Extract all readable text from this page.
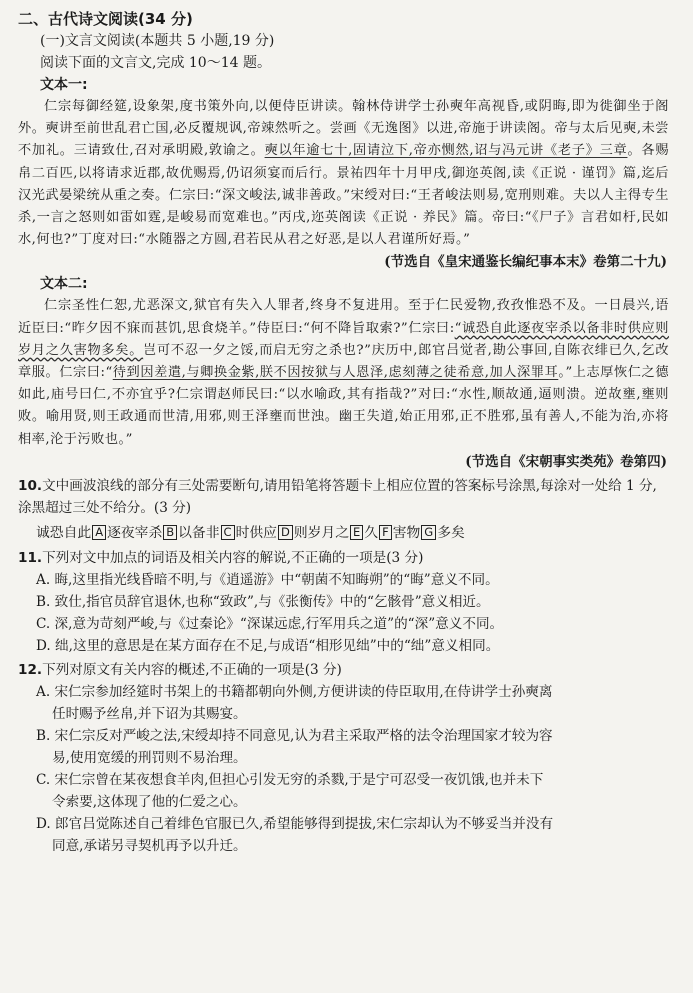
二、古代诗文阅读(34 分)
(一)文言文阅读(本题共 5 小题,19 分)
阅读下面的文言文,完成 10～14 题。
文本一:

仁宗每御经筵,设象架,度书策外向,以便侍臣讲读。翰林侍讲学士孙奭年高视昏,或阴晦,即为徙御坐于阁外。奭讲至前世乱君亡国,必反覆规讽,帝竦然听之。尝画《无逸图》以进,帝施于讲读阁。帝与太后见奭,未尝不加礼。三请致仕,召对承明殿,敦谕之。奭以年逾七十,固请泣下,帝亦恻然,诏与冯元讲《老子》三章。各赐帛二百匹,以将请求近郡,故优赐焉,仍诏须宴而后行。景祐四年十月甲戌,御迩英阁,读《正说 · 谨罚》篇,迄后汉光武晏梁统从重之奏。仁宗曰:“深文峻法,诚非善政。”宋绶对曰:“王者峻法则易,宽刑则难。夫以人主得专生杀,一言之怒则如雷如霆,是峻易而宽难也。”丙戌,迩英阁读《正说 · 养民》篇。帝曰:“《尸子》言君如杅,民如水,何也?”丁度对曰:“水随器之方圆,君若民从君之好恶,是以人君谨所好焉。”

(节选自《皇宋通鉴长编纪事本末》卷第二十九)
文本二:

仁宗圣性仁恕,尤恶深文,狱官有失入人罪者,终身不复进用。至于仁民爱物,孜孜惟恐不及。一日晨兴,语近臣曰:“昨夕因不寐而甚饥,思食烧羊。”侍臣曰:“何不降旨取索?”仁宗曰:“诚恐自此逐夜宰杀以备非时供应则岁月之久害物多矣。岂可不忍一夕之馁,而启无穷之杀也?”庆历中,郎官吕觉者,勘公事回,自陈衣绯已久,乞改章服。仁宗曰:“待到因差遣,与卿换金紫,朕不因按狱与人恩泽,虑刻薄之徒希意,加人深罪耳。”上志厚恢仁之德如此,庙号曰仁,不亦宜乎?仁宗谓赵师民曰:“以水喻政,其有指哉?”对曰:“水性,顺故通,逼则溃。逆故壅,壅则败。喻用贤,则王政通而世清,用邪,则王泽壅而世浊。幽王失道,始正用邪,正不胜邪,虽有善人,不能为治,亦将相率,沦于污败也。”

(节选自《宋朝事实类苑》卷第四)
10.文中画波浪线的部分有三处需要断句,请用铅笔将答题卡上相应位置的答案标号涂黑,每涂对一处给 1 分,涂黑超过三处不给分。(3 分)
诚恐自此 A 逐夜宰杀 B 以备非 C 时供应 D 则岁月之 E 久 F 害物 G 多矣
11.下列对文中加点的词语及相关内容的解说,不正确的一项是(3 分)
A. 晦,这里指光线昏暗不明,与《逍遥游》中“朝菌不知晦朔”的“晦”意义不同。
B. 致仕,指官员辞官退休,也称“致政”,与《张衡传》中的“乞骸骨”意义相近。
C. 深,意为苛刻严峻,与《过秦论》“深谋远虑,行军用兵之道”的“深”意义不同。
D. 绌,这里的意思是在某方面存在不足,与成语“相形见绌”中的“绌”意义相同。
12.下列对原文有关内容的概述,不正确的一项是(3 分)
A. 宋仁宗参加经筵时书架上的书籍都朝向外侧,方便讲读的侍臣取用,在侍讲学士孙奭离
任时赐予丝帛,并下诏为其赐宴。
B. 宋仁宗反对严峻之法,宋绶却持不同意见,认为君主采取严格的法令治理国家才较为容
易,使用宽缓的刑罚则不易治理。
C. 宋仁宗曾在某夜想食羊肉,但担心引发无穷的杀戮,于是宁可忍受一夜饥饿,也并未下
令索要,这体现了他的仁爱之心。
D. 郎官吕觉陈述自己着绯色官服已久,希望能够得到提拔,宋仁宗却认为不够妥当并没有
同意,承诺另寻契机再予以升迁。
